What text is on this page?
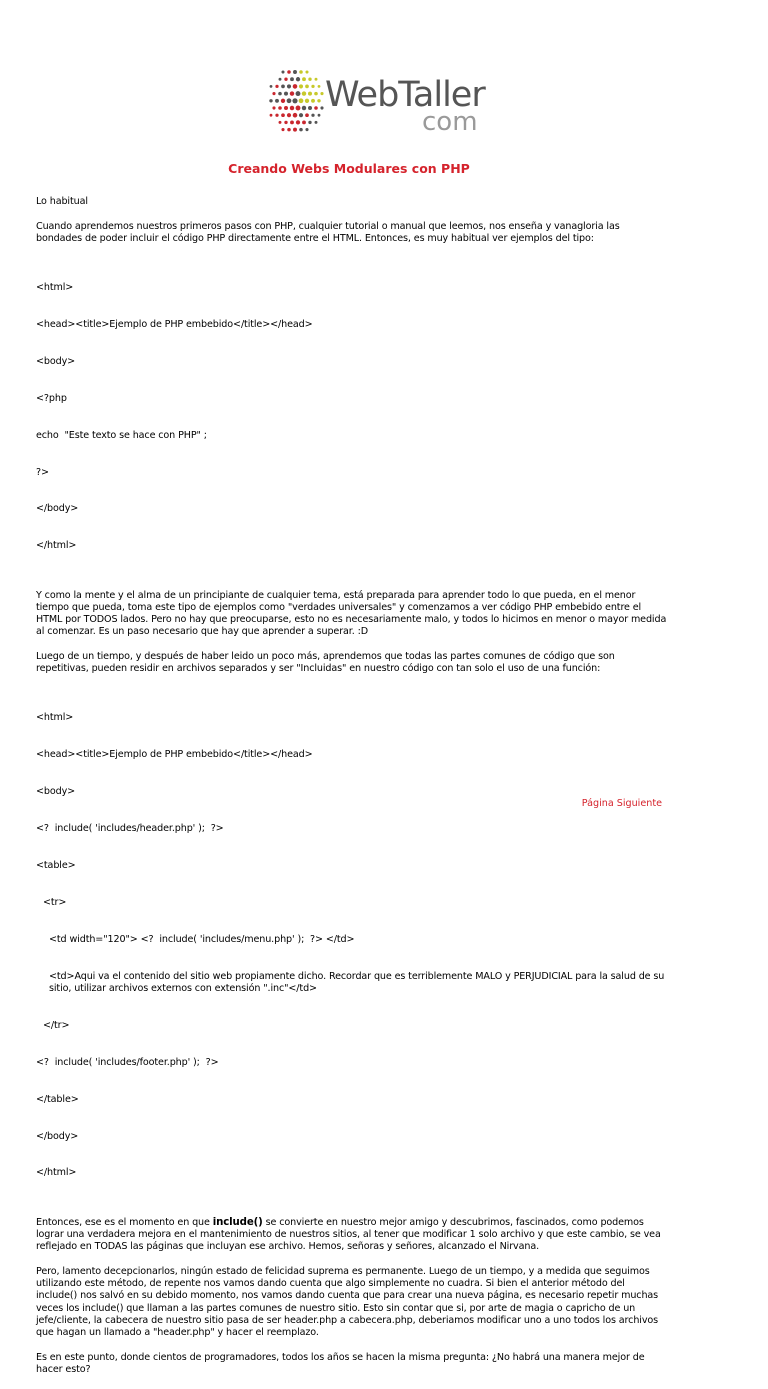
WebTaller
com
Creando Webs Modulares con PHP

Lo habitual

Cuando aprendemos nuestros primeros pasos con PHP, cualquier tutorial o manual que leemos, nos enseña y vanagloria las bondades de poder incluir el código PHP directamente entre el HTML. Entonces, es muy habitual ver ejemplos del tipo:

<html>

<head><title>Ejemplo de PHP embebido</title></head>

<body>

<?php

echo  "Este texto se hace con PHP" ;

?>

</body>

</html>

Y como la mente y el alma de un principiante de cualquier tema, está preparada para aprender todo lo que pueda, en el menor tiempo que pueda, toma este tipo de ejemplos como "verdades universales" y comenzamos a ver código PHP embebido entre el HTML por TODOS lados. Pero no hay que preocuparse, esto no es necesariamente malo, y todos lo hicimos en menor o mayor medida al comenzar. Es un paso necesario que hay que aprender a superar. :D

Luego de un tiempo, y después de haber leido un poco más, aprendemos que todas las partes comunes de código que son repetitivas, pueden residir en archivos separados y ser "Incluidas" en nuestro código con tan solo el uso de una función:

<html>

<head><title>Ejemplo de PHP embebido</title></head>

<body>

<?  include( 'includes/header.php' );  ?>

<table>

<tr>

<td width="120"> <?  include( 'includes/menu.php' );  ?> </td>

<td>Aqui va el contenido del sitio web propiamente dicho. Recordar que es terriblemente MALO y PERJUDICIAL para la salud de su sitio, utilizar archivos externos con extensión ".inc"</td>

</tr>

<?  include( 'includes/footer.php' );  ?>

</table>

</body>

</html>

Entonces, ese es el momento en que include() se convierte en nuestro mejor amigo y descubrimos, fascinados, como podemos lograr una verdadera mejora en el mantenimiento de nuestros sitios, al tener que modificar 1 solo archivo y que este cambio, se vea reflejado en TODAS las páginas que incluyan ese archivo. Hemos, señoras y señores, alcanzado el Nirvana.

Pero, lamento decepcionarlos, ningún estado de felicidad suprema es permanente. Luego de un tiempo, y a medida que seguimos utilizando este método, de repente nos vamos dando cuenta que algo simplemente no cuadra. Si bien el anterior método del include() nos salvó en su debido momento, nos vamos dando cuenta que para crear una nueva página, es necesario repetir muchas veces los include() que llaman a las partes comunes de nuestro sitio. Esto sin contar que si, por arte de magia o capricho de un jefe/cliente, la cabecera de nuestro sitio pasa de ser header.php a cabecera.php, deberiamos modificar uno a uno todos los archivos que hagan un llamado a "header.php" y hacer el reemplazo.

Es en este punto, donde cientos de programadores, todos los años se hacen la misma pregunta: ¿No habrá una manera mejor de hacer esto?

Página Siguiente
